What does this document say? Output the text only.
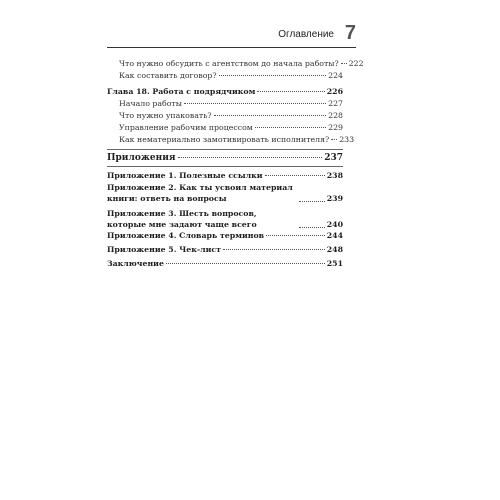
Оглавление 7
Что нужно обсудить с агентством до начала работы? 222
Как составить договор?	224
Глава 18. Работа с подрядчиком	226
Начало работы	227
Что нужно упаковать?	228
Управление рабочим процессом	229
Как нематериально замотивировать исполнителя? 233
Приложения	237
Приложение 1. Полезные ссылки	238
Приложение 2. Как ты усвоил материал книги: ответь на вопросы	239
Приложение 3. Шесть вопросов, которые мне задают чаще всего	240
Приложение 4. Словарь терминов	244
Приложение 5. Чек-лист	248
Заключение	251
